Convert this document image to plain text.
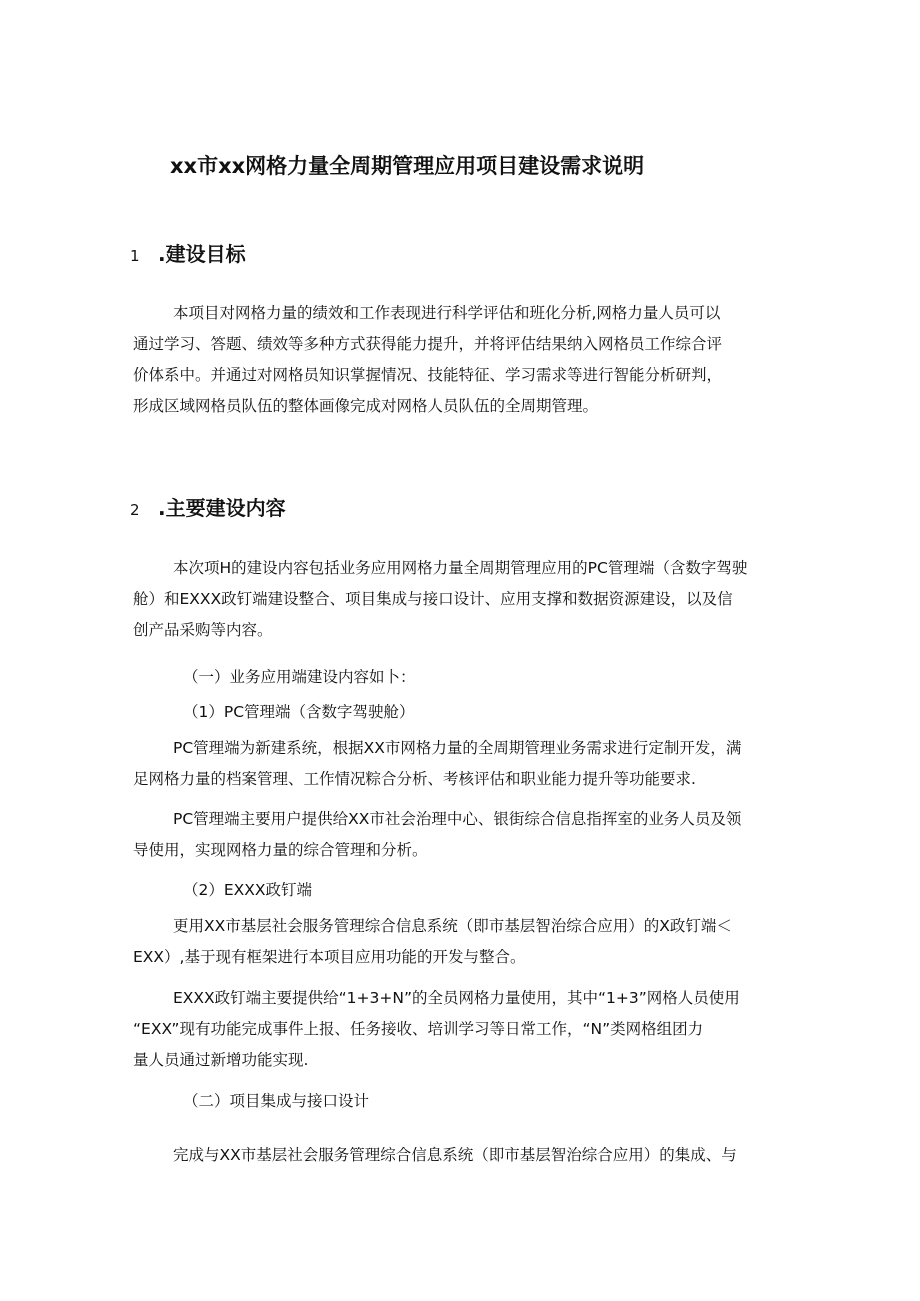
xx市xx网格力量全周期管理应用项目建设需求说明
1 .建设目标
本项目对网格力量的绩效和工作表现进行科学评估和班化分析,网格力量人员可以
通过学习、答题、绩效等多种方式获得能力提升，并将评估结果纳入网格员工作综合评
价体系中。并通过对网格员知识掌握情况、技能特征、学习需求等进行智能分析研判，
形成区域网格员队伍的整体画像完成对网格人员队伍的全周期管理。
2 .主要建设内容
本次项H的建设内容包括业务应用网格力量全周期管理应用的PC管理端（含数字驾驶
舱）和EXXX政钉端建设整合、项目集成与接口设计、应用支撑和数据资源建设，以及信
创产品采购等内容。
（一）业务应用端建设内容如卜：
（1）PC管理端（含数字驾驶舱）
PC管理端为新建系统，根据XX市网格力量的全周期管理业务需求进行定制开发，满
足网格力量的档案管理、工作情况粽合分析、考核评估和职业能力提升等功能要求.
PC管理端主要用户提供给XX市社会治理中心、银街综合信息指挥室的业务人员及领
导使用，实现网格力量的综合管理和分析。
（2）EXXX政钉端
更用XX市基层社会服务管理综合信息系统（即市基层智治综合应用）的X政钉端＜
EXX）,基于现有框架进行本项目应用功能的开发与整合。
EXXX政钉端主要提供给“1+3+N”的全员网格力量使用，其中“1+3”网格人员使用
“EXX”现有功能完成事件上报、任务接收、培训学习等日常工作，“N”类网格组团力
量人员通过新增功能实现.
（二）项目集成与接口设计
完成与XX市基层社会服务管理综合信息系统（即市基层智治综合应用）的集成、与
